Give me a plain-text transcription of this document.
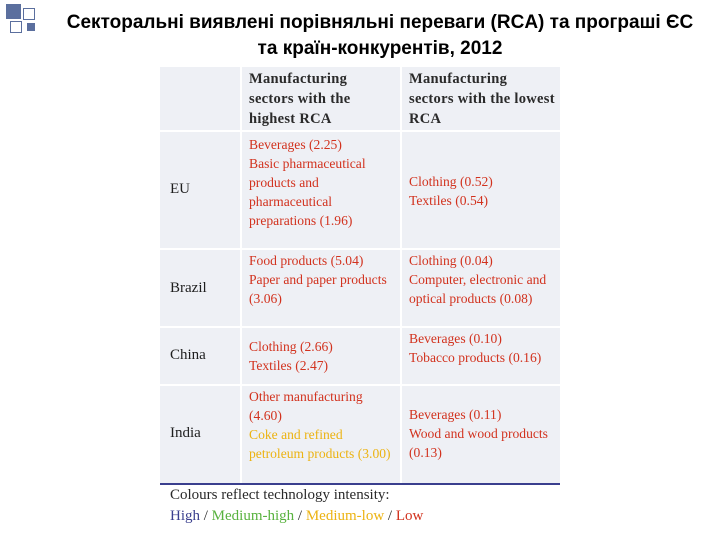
Секторальні виявлені порівняльні переваги (RCA) та програші ЄС та країн-конкурентів, 2012
Manufacturing sectors with the highest RCA
Manufacturing sectors with the lowest RCA
EU
Beverages (2.25)
Basic pharmaceutical products and pharmaceutical preparations (1.96)
Clothing (0.52)
Textiles (0.54)
Brazil
Food products (5.04)
Paper and paper products (3.06)
Clothing (0.04)
Computer, electronic and optical products (0.08)
China
Clothing (2.66)
Textiles (2.47)
Beverages (0.10)
Tobacco products (0.16)
India
Other manufacturing (4.60)
Coke and refined petroleum products (3.00)
Beverages (0.11)
Wood and wood products (0.13)
Colours reflect technology intensity:
High / Medium-high / Medium-low / Low
